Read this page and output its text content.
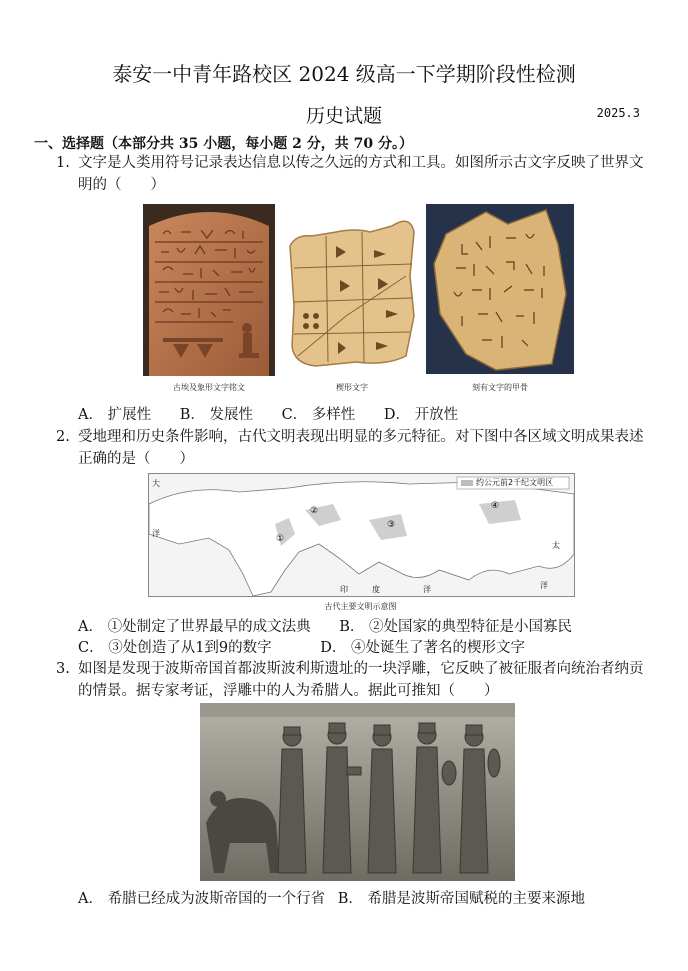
泰安一中青年路校区 2024 级高一下学期阶段性检测
历史试题	2025.3
一、选择题（本部分共 35 小题，每小题 2 分，共 70 分。）
1. 文字是人类用符号记录表达信息以传之久远的方式和工具。如图所示古文字反映了世界文明的（　　）
古埃及象形文字铭文	楔形文字	刻有文字的甲骨
A． 扩展性 B． 发展性 C． 多样性 D． 开放性
2. 受地理和历史条件影响，古代文明表现出明显的多元特征。对下图中各区域文明成果表述正确的是（　　）
约公元前2千纪文明区
①
②
③
④
大
洋
印	度	洋
太
洋
古代主要文明示意图
A． ①处制定了世界最早的成文法典 B． ②处国家的典型特征是小国寡民
C． ③处创造了从1到9的数字	D． ④处诞生了著名的楔形文字
3. 如图是发现于波斯帝国首都波斯波利斯遗址的一块浮雕，它反映了被征服者向统治者纳贡的情景。据专家考证，浮雕中的人为希腊人。据此可推知（　　）
A． 希腊已经成为波斯帝国的一个行省 B． 希腊是波斯帝国赋税的主要来源地
